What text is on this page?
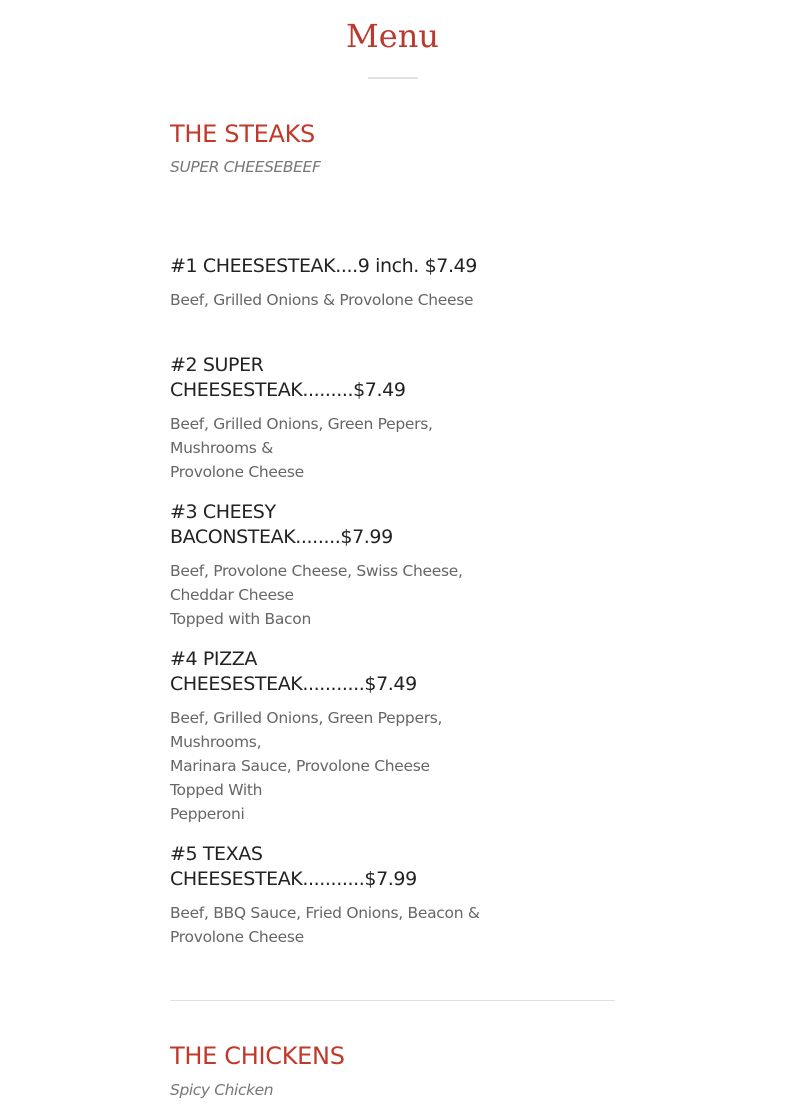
Menu
THE STEAKS

SUPER CHEESEBEEF

#1 CHEESESTEAK....9 inch. $7.49

Beef, Grilled Onions & Provolone Cheese

#2 SUPER CHEESESTEAK.........$7.49

Beef, Grilled Onions, Green Pepers,
Mushrooms &
Provolone Cheese

#3 CHEESY BACONSTEAK........$7.99

Beef, Provolone Cheese, Swiss Cheese,
Cheddar Cheese
Topped with Bacon

#4 PIZZA CHEESESTEAK...........$7.49

Beef, Grilled Onions, Green Peppers,
Mushrooms,
Marinara Sauce, Provolone Cheese
Topped With
Pepperoni

#5 TEXAS CHEESESTEAK...........$7.99

Beef, BBQ Sauce, Fried Onions, Beacon &
Provolone Cheese

THE CHICKENS

Spicy Chicken
